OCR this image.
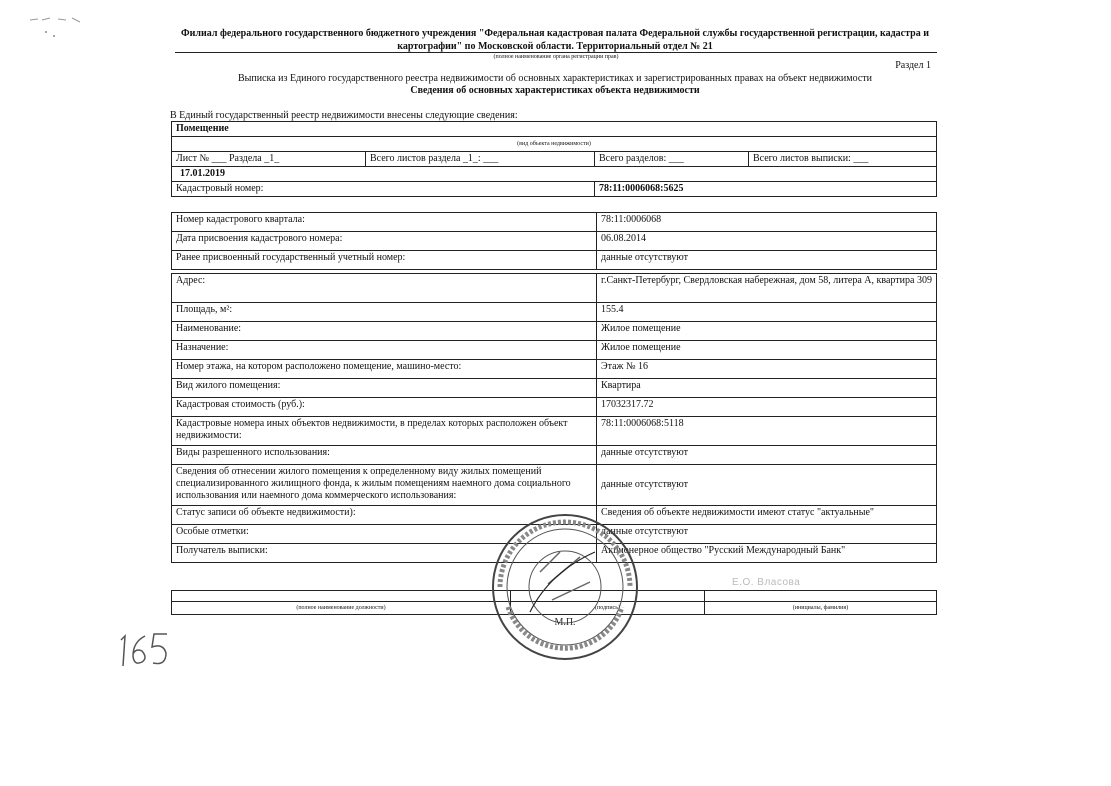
Филиал федерального государственного бюджетного учреждения "Федеральная кадастровая палата Федеральной службы государственной регистрации, кадастра и картографии" по Московской области. Территориальный отдел № 21
(полное наименование органа регистрации прав)
Раздел 1
Выписка из Единого государственного реестра недвижимости об основных характеристиках и зарегистрированных правах на объект недвижимости
Сведения об основных характеристиках объекта недвижимости
В Единый государственный реестр недвижимости внесены следующие сведения:
Помещение			
(вид объекта недвижимости)			
Лист № ___ Раздела _1_	Всего листов раздела _1_: ___	Всего разделов: ___	Всего листов выписки: ___
17.01.2019			
Кадастровый номер:		78:11:0006068:5625	
Номер кадастрового квартала:	78:11:0006068
Дата присвоения кадастрового номера:	06.08.2014
Ранее присвоенный государственный учетный номер:	данные отсутствуют
Адрес:	г.Санкт-Петербург, Свердловская набережная, дом 58, литера А, квартира 309
Площадь, м²:	155.4
Наименование:	Жилое помещение
Назначение:	Жилое помещение
Номер этажа, на котором расположено помещение, машино-место:	Этаж № 16
Вид жилого помещения:	Квартира
Кадастровая стоимость (руб.):	17032317.72
Кадастровые номера иных объектов недвижимости, в пределах которых расположен объект недвижимости:	78:11:0006068:5118
Виды разрешенного использования:	данные отсутствуют
Сведения об отнесении жилого помещения к определенному виду жилых помещений специализированного жилищного фонда, к жилым помещениям наемного дома социального использования или наемного дома коммерческого использования:	данные отсутствуют
Статус записи об объекте недвижимости):	Сведения об объекте недвижимости имеют статус "актуальные"
Особые отметки:	данные отсутствуют
Получатель выписки:	Акционерное общество "Русский Международный Банк"

(полное наименование должности)	(подпись)	(инициалы, фамилия)
Е.О. Власова
М.П.
